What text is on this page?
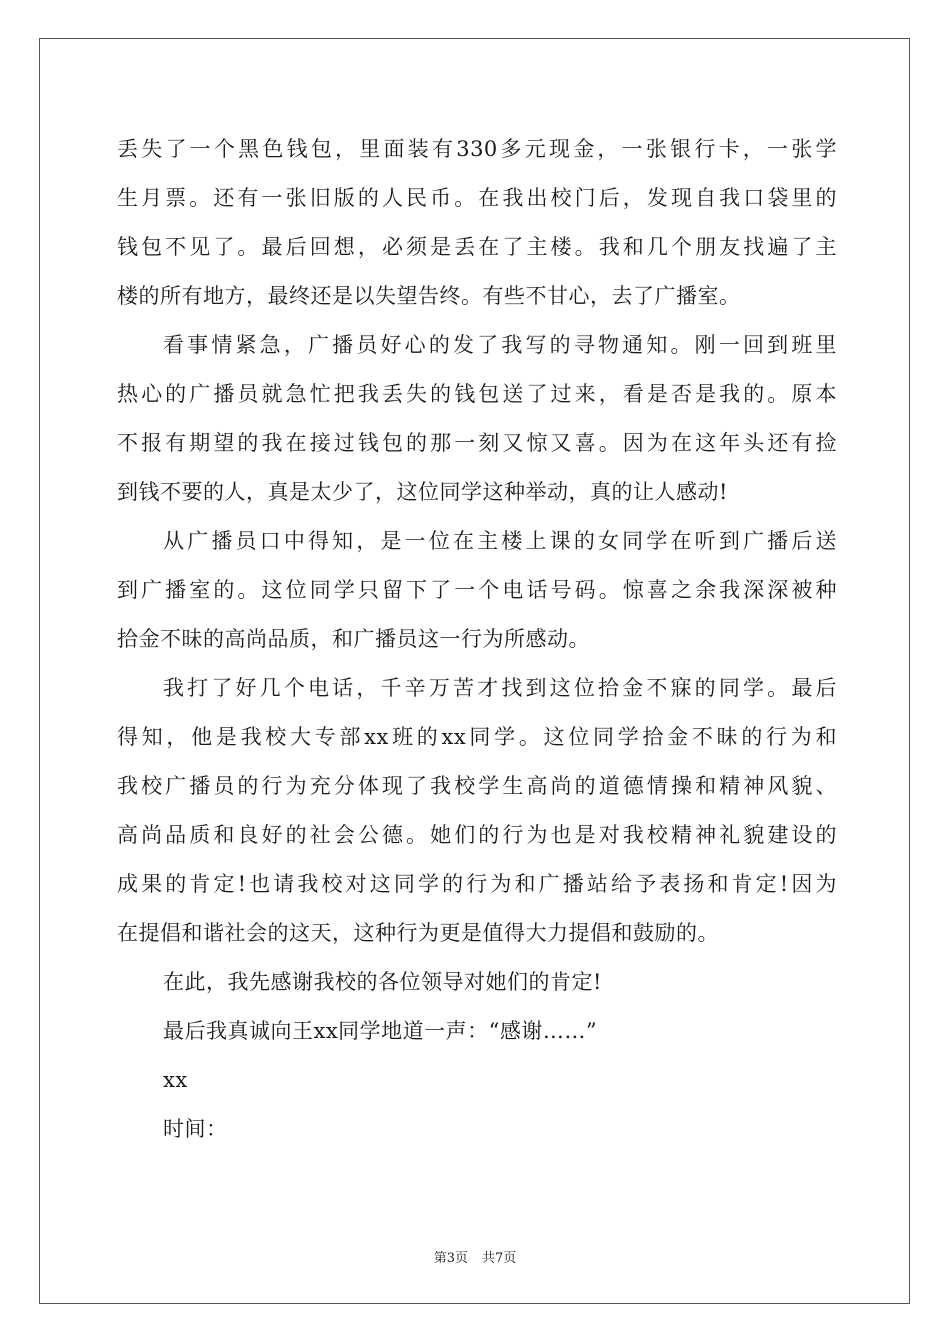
丢失了一个黑色钱包，里面装有330多元现金，一张银行卡，一张学
生月票。还有一张旧版的人民币。在我出校门后，发现自我口袋里的
钱包不见了。最后回想，必须是丢在了主楼。我和几个朋友找遍了主
楼的所有地方，最终还是以失望告终。有些不甘心，去了广播室。
看事情紧急，广播员好心的发了我写的寻物通知。刚一回到班里
热心的广播员就急忙把我丢失的钱包送了过来，看是否是我的。原本
不报有期望的我在接过钱包的那一刻又惊又喜。因为在这年头还有捡
到钱不要的人，真是太少了，这位同学这种举动，真的让人感动!
从广播员口中得知，是一位在主楼上课的女同学在听到广播后送
到广播室的。这位同学只留下了一个电话号码。惊喜之余我深深被种
拾金不昧的高尚品质，和广播员这一行为所感动。
我打了好几个电话，千辛万苦才找到这位拾金不寐的同学。最后
得知，他是我校大专部xx班的xx同学。这位同学拾金不昧的行为和
我校广播员的行为充分体现了我校学生高尚的道德情操和精神风貌、
高尚品质和良好的社会公德。她们的行为也是对我校精神礼貌建设的
成果的肯定!也请我校对这同学的行为和广播站给予表扬和肯定!因为
在提倡和谐社会的这天，这种行为更是值得大力提倡和鼓励的。
在此，我先感谢我校的各位领导对她们的肯定!
最后我真诚向王xx同学地道一声：“感谢……”
xx
时间：
第3页 共7页
